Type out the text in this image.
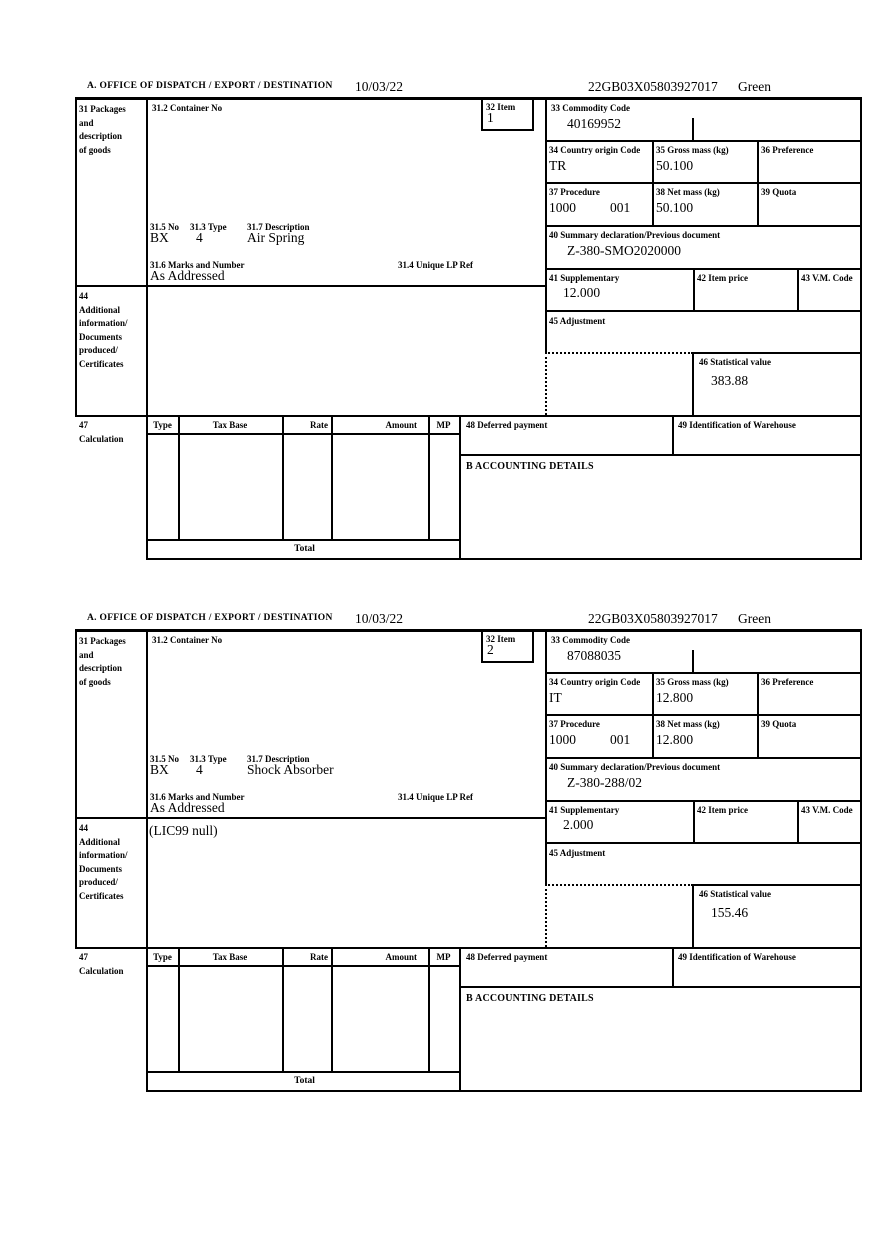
A. OFFICE OF DISPATCH / EXPORT / DESTINATION 10/03/22	22GB03X05803927017 Green
31 Packages
and
description
of goods
31.2 Container No	32 Item
1
33 Commodity Code
40169952
34 Country origin Code
TR
35 Gross mass (kg)
50.100
36 Preference
37 Procedure
1000	001
38 Net mass (kg)
50.100
39 Quota
31.5 No 31.3 Type 31.7 Description
BX 4	Air Spring
31.6 Marks and Number	31.4 Unique LP Ref
As Addressed
40 Summary declaration/Previous document
Z-380-SMO2020000
41 Supplementary
12.000
42 Item price	43 V.M. Code
45 Adjustment
46 Statistical value
383.88
44
Additional
information/
Documents
produced/
Certificates
47
Calculation
Type	Tax Base	Rate	Amount	MP	48 Deferred payment	49 Identification of Warehouse
B ACCOUNTING DETAILS
Total
A. OFFICE OF DISPATCH / EXPORT / DESTINATION 10/03/22	22GB03X05803927017 Green
31 Packages
and
description
of goods
31.2 Container No	32 Item
2
33 Commodity Code
87088035
34 Country origin Code
IT
35 Gross mass (kg)
12.800
36 Preference
37 Procedure
1000	001
38 Net mass (kg)
12.800
39 Quota
31.5 No 31.3 Type 31.7 Description
BX 4	Shock Absorber
31.6 Marks and Number	31.4 Unique LP Ref
As Addressed
40 Summary declaration/Previous document
Z-380-288/02
41 Supplementary
2.000
42 Item price	43 V.M. Code
45 Adjustment
46 Statistical value
155.46
44
Additional
information/
Documents
produced/
Certificates
(LIC99 null)
47
Calculation
Type	Tax Base	Rate	Amount	MP	48 Deferred payment	49 Identification of Warehouse
B ACCOUNTING DETAILS
Total
